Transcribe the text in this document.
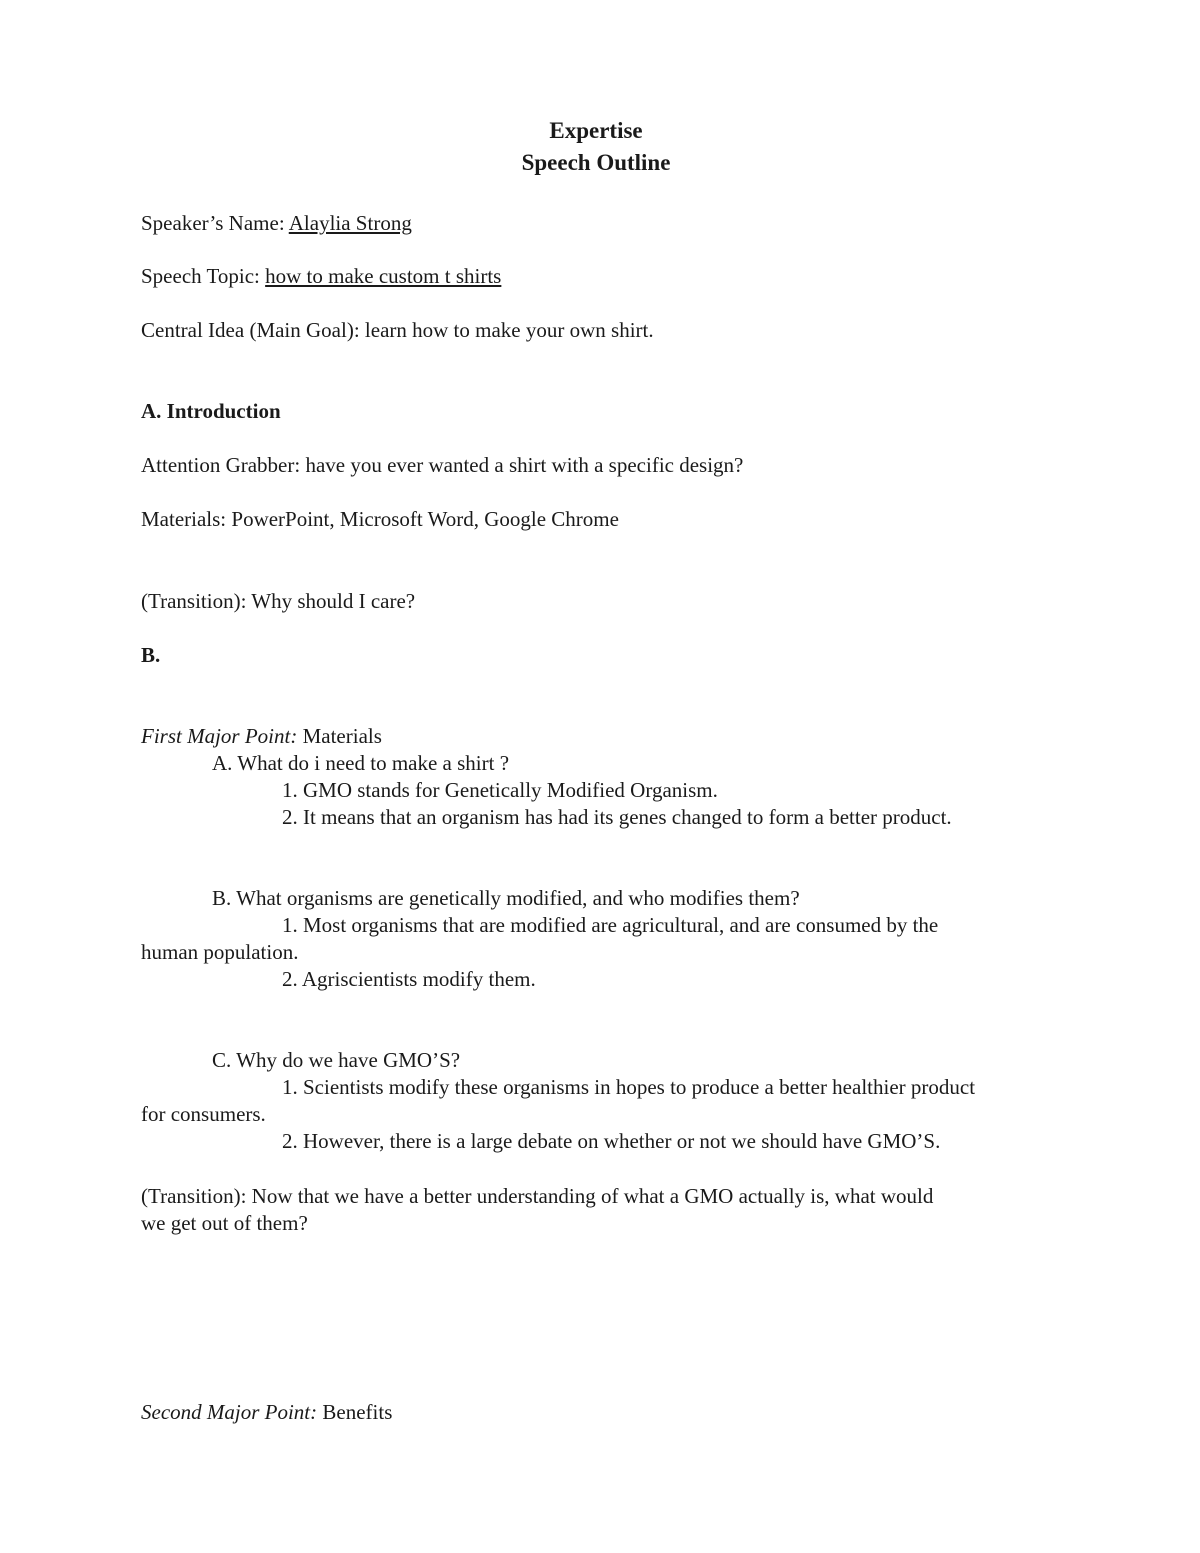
Expertise
Speech Outline
Speaker’s Name: Alaylia Strong
Speech Topic: how to make custom t shirts
Central Idea (Main Goal): learn how to make your own shirt.
A. Introduction
Attention Grabber: have you ever wanted a shirt with a specific design?
Materials: PowerPoint, Microsoft Word, Google Chrome
(Transition): Why should I care?
B.
First Major Point: Materials
A. What do i need to make a shirt ?
1. GMO stands for Genetically Modified Organism.
2. It means that an organism has had its genes changed to form a better product.
B. What organisms are genetically modified, and who modifies them?
1. Most organisms that are modified are agricultural, and are consumed by the
human population.
2. Agriscientists modify them.
C. Why do we have GMO’S?
1. Scientists modify these organisms in hopes to produce a better healthier product
for consumers.
2. However, there is a large debate on whether or not we should have GMO’S.
(Transition): Now that we have a better understanding of what a GMO actually is, what would
we get out of them?
Second Major Point: Benefits
